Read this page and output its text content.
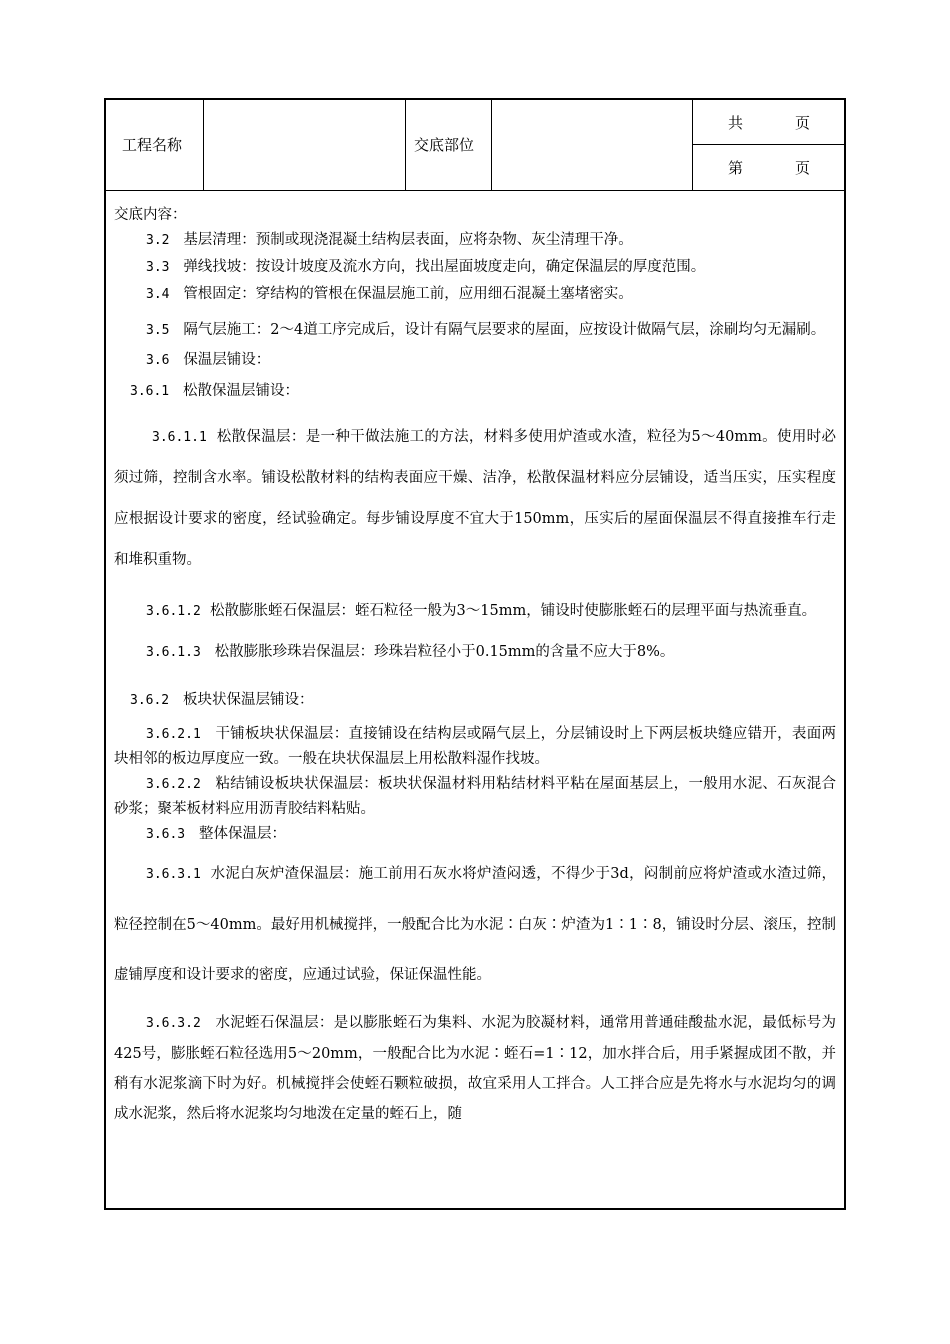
工程名称	交底部位
共	页
第	页

交底内容：

3.2 基层清理：预制或现浇混凝土结构层表面，应将杂物、灰尘清理干净。

3.3 弹线找坡：按设计坡度及流水方向，找出屋面坡度走向，确定保温层的厚度范围。

3.4 管根固定：穿结构的管根在保温层施工前，应用细石混凝土塞堵密实。

3.5 隔气层施工：2～4道工序完成后，设计有隔气层要求的屋面，应按设计做隔气层，涂刷均匀无漏刷。

3.6 保温层铺设：

3.6.1 松散保温层铺设：

3.6.1.1 松散保温层：是一种干做法施工的方法，材料多使用炉渣或水渣，粒径为5～40mm。使用时必须过筛，控制含水率。铺设松散材料的结构表面应干燥、洁净，松散保温材料应分层铺设，适当压实，压实程度应根据设计要求的密度，经试验确定。每步铺设厚度不宜大于150mm，压实后的屋面保温层不得直接推车行走和堆积重物。

3.6.1.2 松散膨胀蛭石保温层：蛭石粒径一般为3～15mm，铺设时使膨胀蛭石的层理平面与热流垂直。

3.6.1.3 松散膨胀珍珠岩保温层：珍珠岩粒径小于0.15mm的含量不应大于8%。

3.6.2 板块状保温层铺设：

3.6.2.1 干铺板块状保温层：直接铺设在结构层或隔气层上，分层铺设时上下两层板块缝应错开，表面两块相邻的板边厚度应一致。一般在块状保温层上用松散料湿作找坡。

3.6.2.2 粘结铺设板块状保温层：板块状保温材料用粘结材料平粘在屋面基层上，一般用水泥、石灰混合砂浆；聚苯板材料应用沥青胶结料粘贴。

3.6.3 整体保温层：

3.6.3.1 水泥白灰炉渣保温层：施工前用石灰水将炉渣闷透，不得少于3d，闷制前应将炉渣或水渣过筛，粒径控制在5～40mm。最好用机械搅拌，一般配合比为水泥∶白灰∶炉渣为1∶1∶8，铺设时分层、滚压，控制虚铺厚度和设计要求的密度，应通过试验，保证保温性能。

3.6.3.2 水泥蛭石保温层：是以膨胀蛭石为集料、水泥为胶凝材料，通常用普通硅酸盐水泥，最低标号为425号，膨胀蛭石粒径选用5～20mm，一般配合比为水泥∶蛭石=1∶12，加水拌合后，用手紧握成团不散，并稍有水泥浆滴下时为好。机械搅拌会使蛭石颗粒破损，故宜采用人工拌合。人工拌合应是先将水与水泥均匀的调成水泥浆，然后将水泥浆均匀地泼在定量的蛭石上，随
